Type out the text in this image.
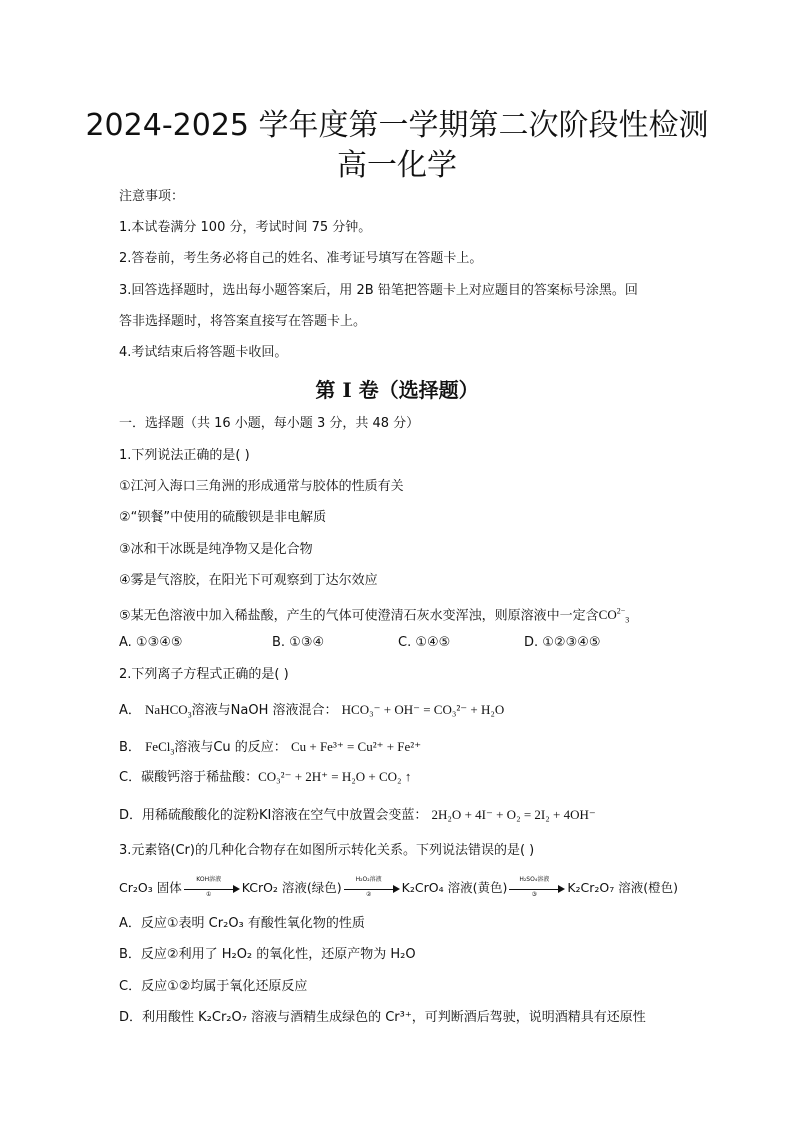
2024-2025 学年度第一学期第二次阶段性检测
高一化学
注意事项：
1.本试卷满分 100 分，考试时间 75 分钟。
2.答卷前，考生务必将自己的姓名、准考证号填写在答题卡上。
3.回答选择题时，选出每小题答案后，用 2B 铅笔把答题卡上对应题目的答案标号涂黑。回
答非选择题时，将答案直接写在答题卡上。
4.考试结束后将答题卡收回。
第 I 卷（选择题）
一．选择题（共 16 小题，每小题 3 分，共 48 分）
1.下列说法正确的是( )
①江河入海口三角洲的形成通常与胶体的性质有关
②“钡餐”中使用的硫酸钡是非电解质
③冰和干冰既是纯净物又是化合物
④雾是气溶胶，在阳光下可观察到丁达尔效应
⑤某无色溶液中加入稀盐酸，产生的气体可使澄清石灰水变浑浊，则原溶液中一定含$CO^{2-}_3$
A. ①③④⑤	B. ①③④	C. ①④⑤	D. ①②③④⑤
2.下列离子方程式正确的是( )
A． NaHCO$_3$溶液与NaOH 溶液混合： HCO₃⁻ + OH⁻ = CO₃²⁻ + H₂O
B． FeCl$_3$溶液与Cu 的反应： Cu + Fe³⁺ = Cu²⁺ + Fe²⁺
C．碳酸钙溶于稀盐酸：CO₃²⁻ + 2H⁺ = H₂O + CO₂ ↑
D．用稀硫酸酸化的淀粉KI溶液在空气中放置会变蓝： 2H₂O + 4I⁻ + O₂ = 2I₂ + 4OH⁻
3.元素铬(Cr)的几种化合物存在如图所示转化关系。下列说法错误的是( )
Cr₂O₃ 固体
KOH溶液
①	KCrO₂ 溶液(绿色)
H₂O₂溶液
②	K₂CrO₄ 溶液(黄色)
H₂SO₄溶液
③	K₂Cr₂O₇ 溶液(橙色)
A．反应①表明 Cr₂O₃ 有酸性氧化物的性质
B．反应②利用了 H₂O₂ 的氧化性，还原产物为 H₂O
C．反应①②均属于氧化还原反应
D．利用酸性 K₂Cr₂O₇ 溶液与酒精生成绿色的 Cr³⁺，可判断酒后驾驶，说明酒精具有还原性
